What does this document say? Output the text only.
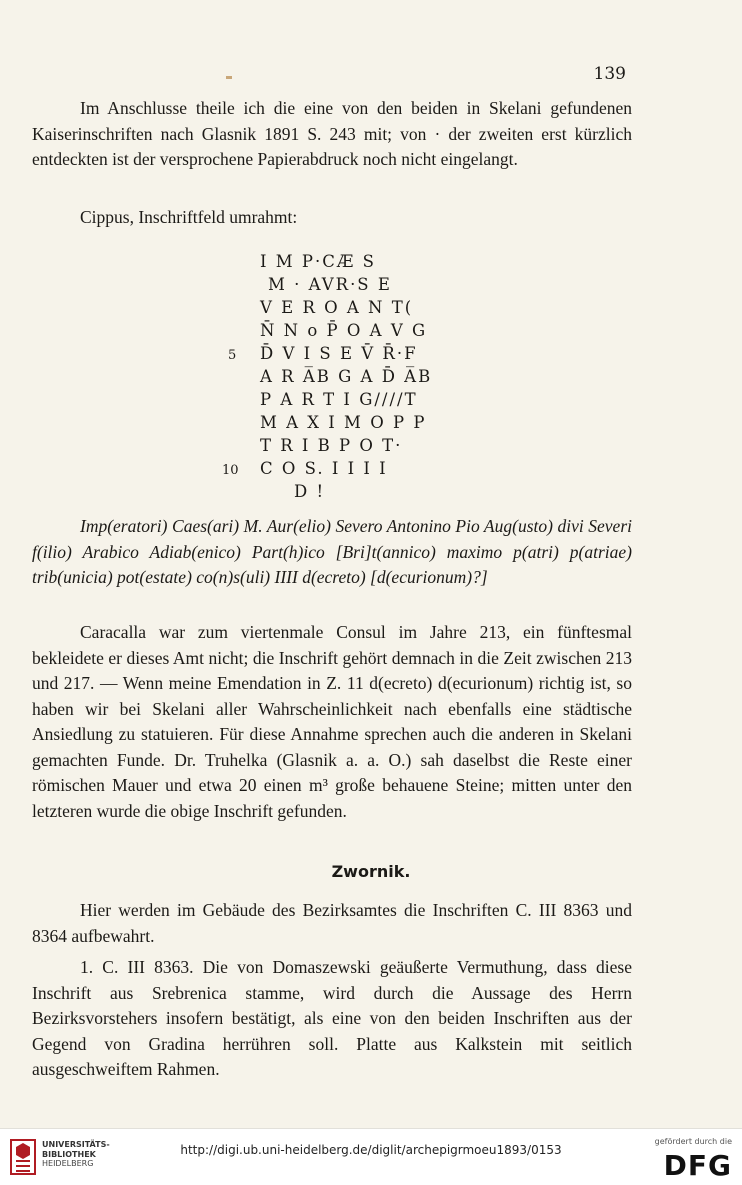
139
Im Anschlusse theile ich die eine von den beiden in Skelani gefundenen Kaiserinschriften nach Glasnik 1891 S. 243 mit; von · der zweiten erst kürzlich entdeckten ist der versprochene Papierabdruck noch nicht eingelangt.
Cippus, Inschriftfeld umrahmt:
I M P·CÆ S
M · AVR·S E
V E R O A N T(
N̄ N o P̄ O A V G
5 D̄ V I S E V̄ R̄·F
A R A̅B G A D̄ A̅B
P A R T I G////T
M A X I M O P P
T R I B P O T·
10 C O S. I I I I
D !
Imp(eratori) Caes(ari) M. Aur(elio) Severo Antonino Pio Aug(usto) divi Severi f(ilio) Arabico Adiab(enico) Part(h)ico [Bri]t(annico) maximo p(atri) p(atriae) trib(unicia) pot(estate) co(n)s(uli) IIII d(ecreto) [d(ecurionum)?]
Caracalla war zum viertenmale Consul im Jahre 213, ein fünftesmal bekleidete er dieses Amt nicht; die Inschrift gehört demnach in die Zeit zwischen 213 und 217. — Wenn meine Emendation in Z. 11 d(ecreto) d(ecurionum) richtig ist, so haben wir bei Skelani aller Wahrscheinlichkeit nach ebenfalls eine städtische Ansiedlung zu statuieren. Für diese Annahme sprechen auch die anderen in Skelani gemachten Funde. Dr. Truhelka (Glasnik a. a. O.) sah daselbst die Reste einer römischen Mauer und etwa 20 einen m³ große behauene Steine; mitten unter den letzteren wurde die obige Inschrift gefunden.
Zwornik.
Hier werden im Gebäude des Bezirksamtes die Inschriften C. III 8363 und 8364 aufbewahrt.
1. C. III 8363. Die von Domaszewski geäußerte Vermuthung, dass diese Inschrift aus Srebrenica stamme, wird durch die Aussage des Herrn Bezirksvorstehers insofern bestätigt, als eine von den beiden Inschriften aus der Gegend von Gradina herrühren soll. Platte aus Kalkstein mit seitlich ausgeschweiftem Rahmen.
UNIVERSITÄTS-
BIBLIOTHEK
HEIDELBERG
http://digi.ub.uni-heidelberg.de/diglit/archepigrmoeu1893/0153
gefördert durch die
DFG
